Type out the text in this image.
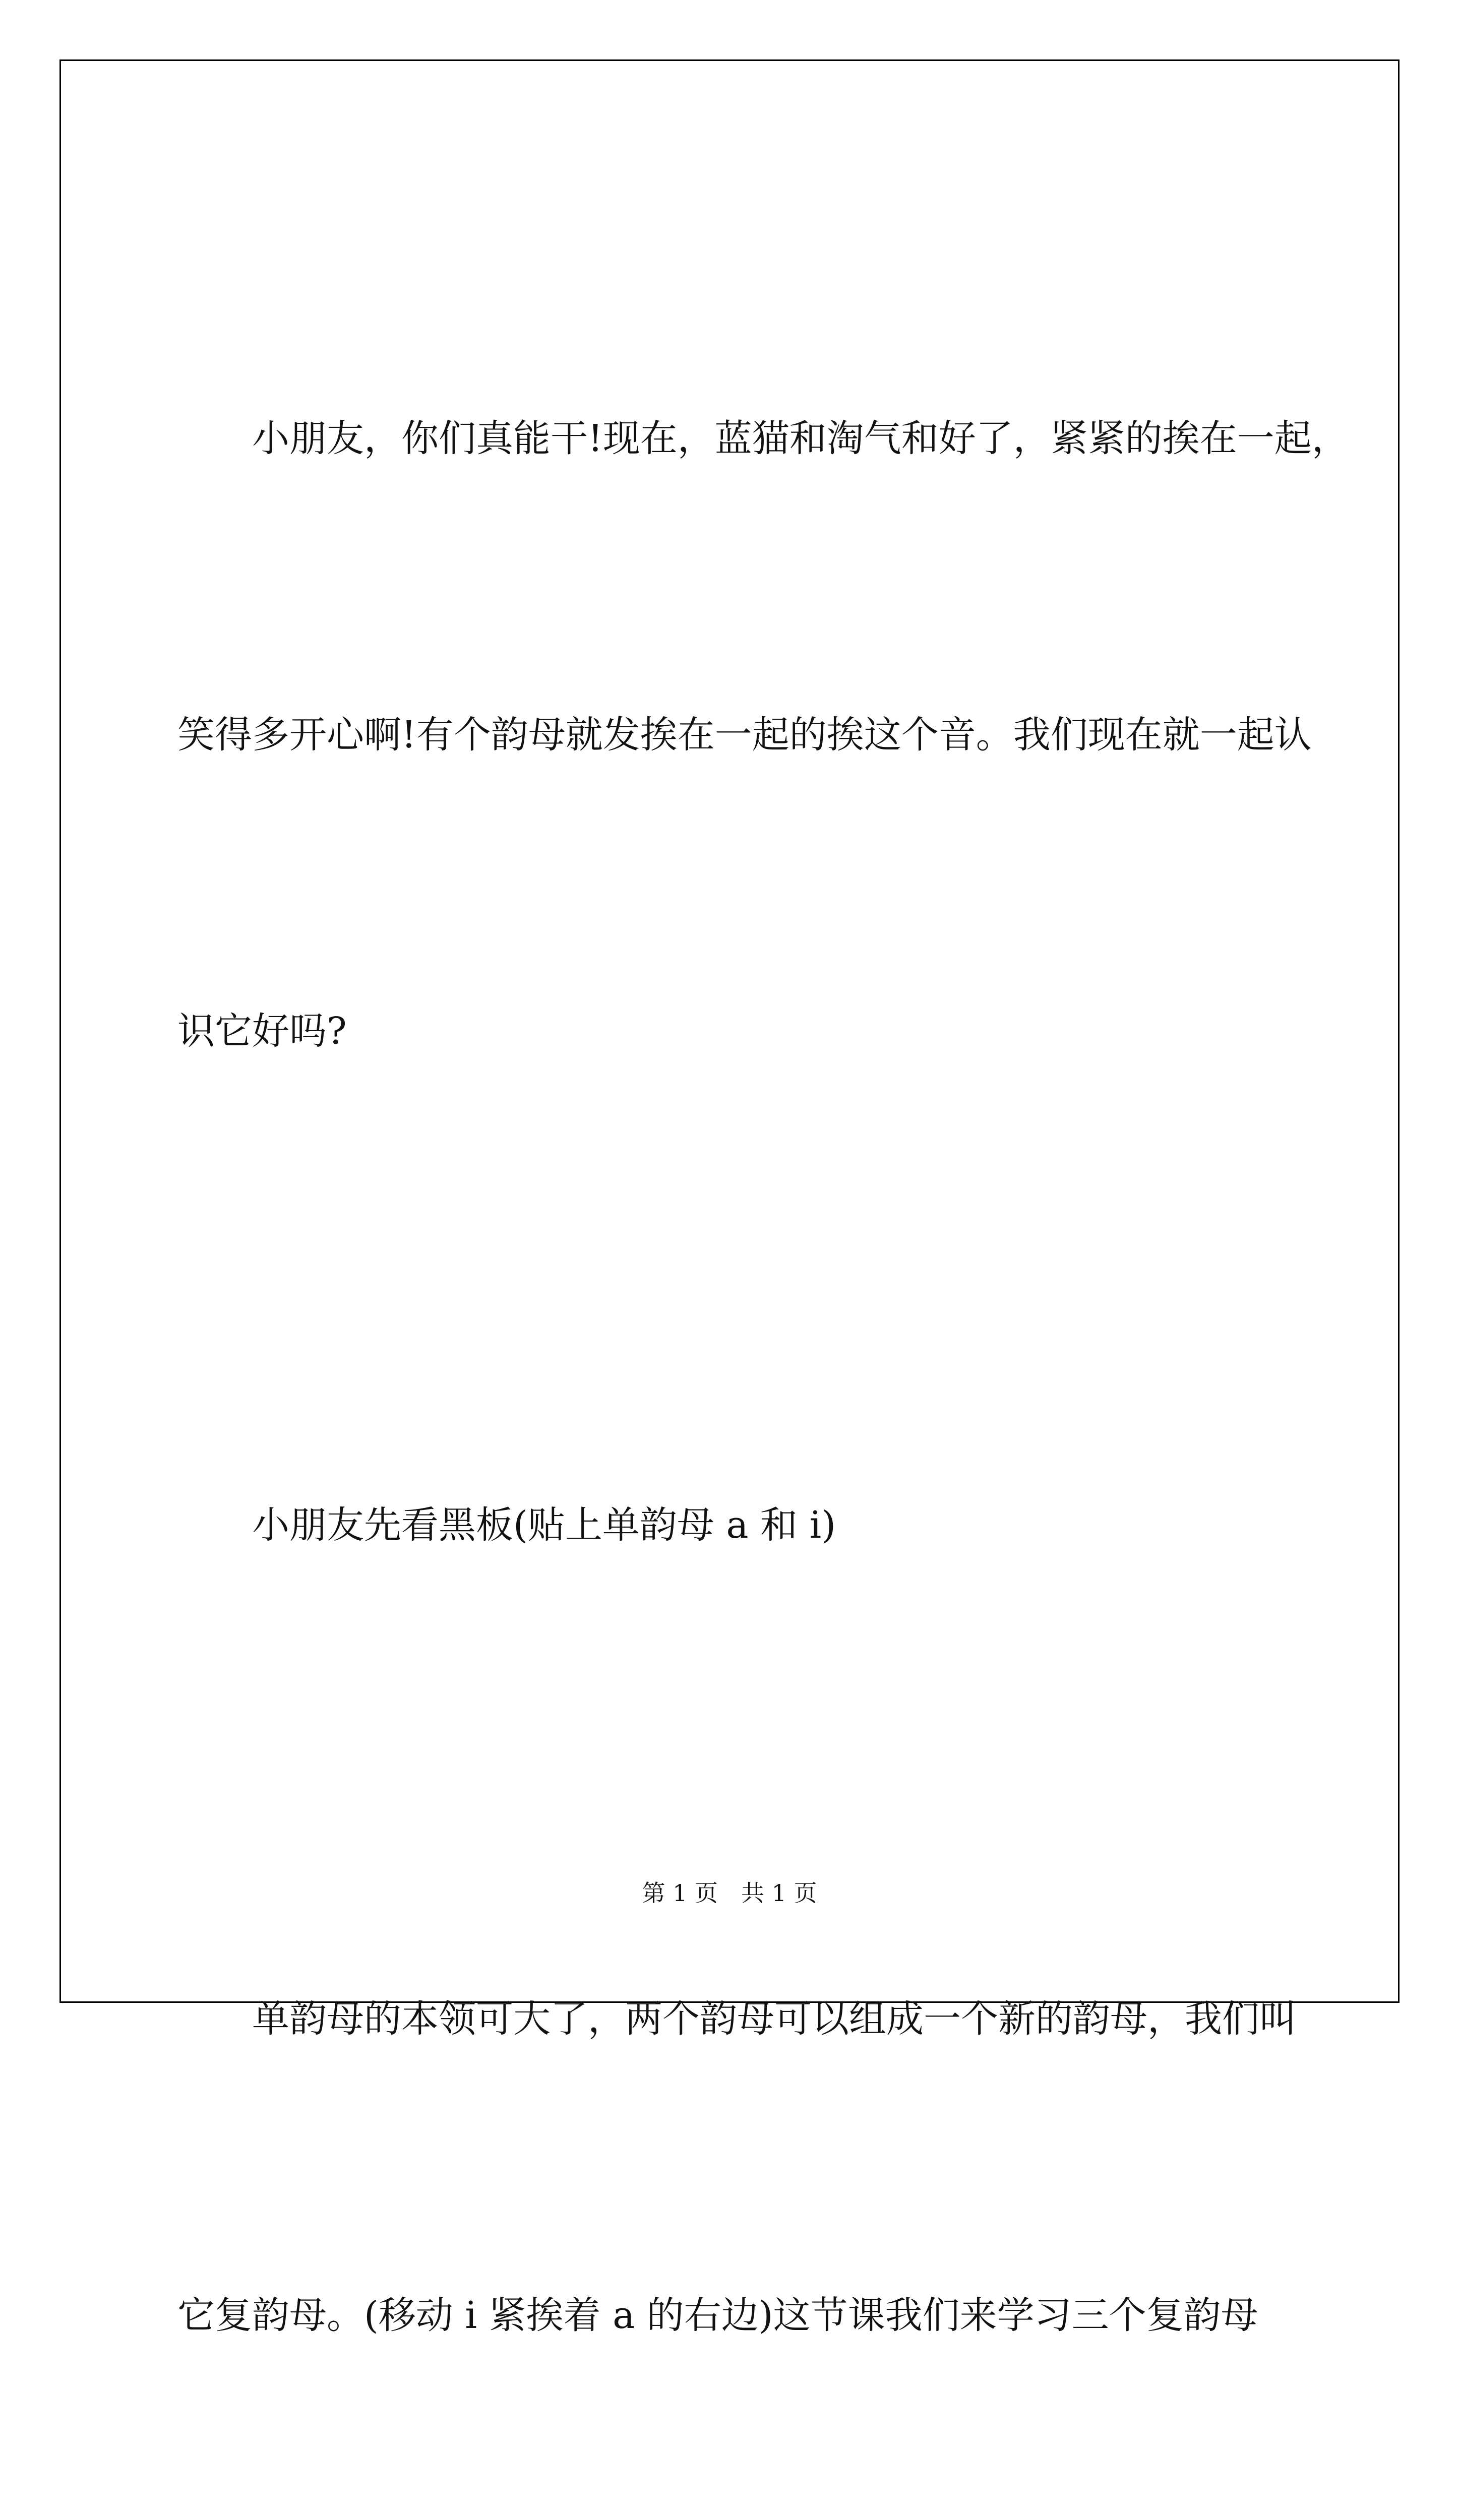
小朋友，你们真能干!现在，蓝猫和淘气和好了，紧紧的挨在一起，

笑得多开心啊!有个韵母就发挨在一起的挨这个音。我们现在就一起认

识它好吗?

小朋友先看黑板(贴上单韵母 a 和 i)

单韵母的本领可大了，两个韵母可以组成一个新的韵母，我们叫

它复韵母。(移动 i 紧挨着 a 的右边)这节课我们来学习三个复韵母

第 1 页　共 1 页
